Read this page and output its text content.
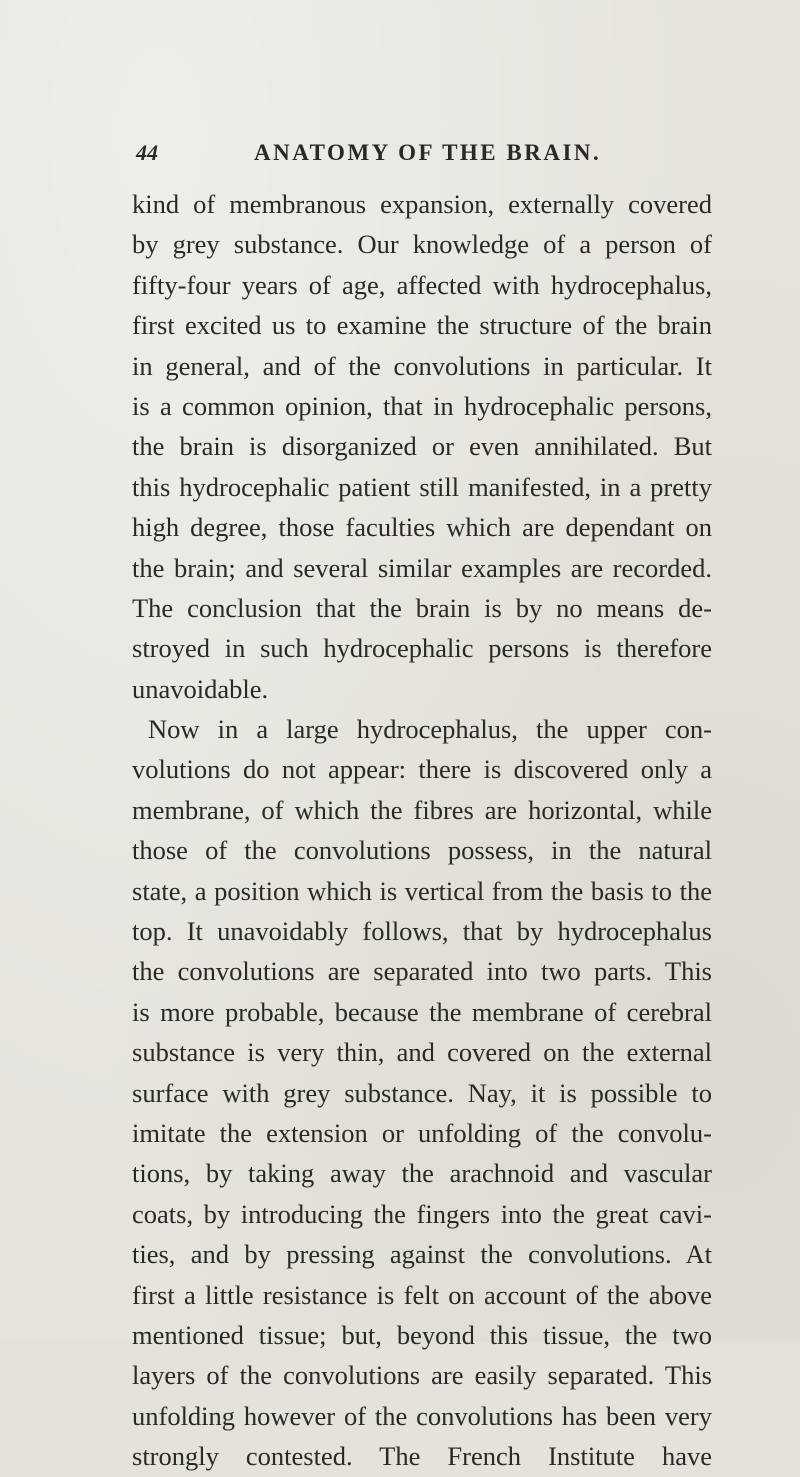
44	ANATOMY OF THE BRAIN.
kind of membranous expansion, externally covered
by grey substance. Our knowledge of a person of
fifty-four years of age, affected with hydrocephalus,
first excited us to examine the structure of the brain
in general, and of the convolutions in particular. It
is a common opinion, that in hydrocephalic persons,
the brain is disorganized or even annihilated. But
this hydrocephalic patient still manifested, in a pretty
high degree, those faculties which are dependant on
the brain; and several similar examples are recorded.
The conclusion that the brain is by no means de-
stroyed in such hydrocephalic persons is therefore
unavoidable.
Now in a large hydrocephalus, the upper con-
volutions do not appear: there is discovered only a
membrane, of which the fibres are horizontal, while
those of the convolutions possess, in the natural
state, a position which is vertical from the basis to the
top. It unavoidably follows, that by hydrocephalus
the convolutions are separated into two parts. This
is more probable, because the membrane of cerebral
substance is very thin, and covered on the external
surface with grey substance. Nay, it is possible to
imitate the extension or unfolding of the convolu-
tions, by taking away the arachnoid and vascular
coats, by introducing the fingers into the great cavi-
ties, and by pressing against the convolutions. At
first a little resistance is felt on account of the above
mentioned tissue; but, beyond this tissue, the two
layers of the convolutions are easily separated. This
unfolding however of the convolutions has been very
strongly contested. The French Institute have
